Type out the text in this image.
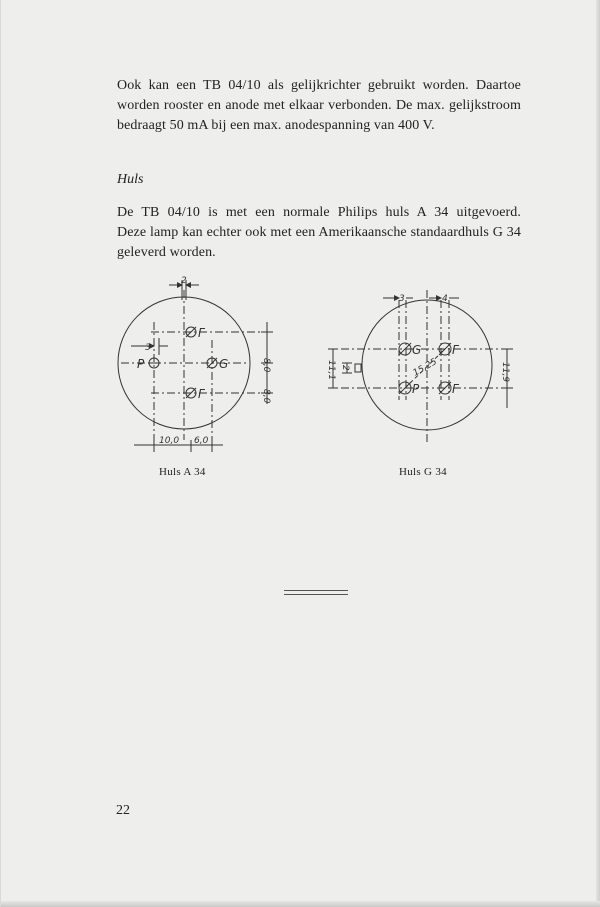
Ook kan een TB 04/10 als gelijkrichter gebruikt worden. Daartoe
worden rooster en anode met elkaar verbonden. De max. gelijkstroom
bedraagt 50 mA bij een max. anodespanning van 400 V.
Huls
De TB 04/10 is met een normale Philips huls A 34 uitgevoerd.
Deze lamp kan echter ook met een Amerikaansche standaardhuls G 34
geleverd worden.
F
F
G
P
G	F
P	F
2
3
8,0
8,0
10,0 6,0
3	4
15,25
11,1 2	11,9
Huls A 34	Huls G 34
22
